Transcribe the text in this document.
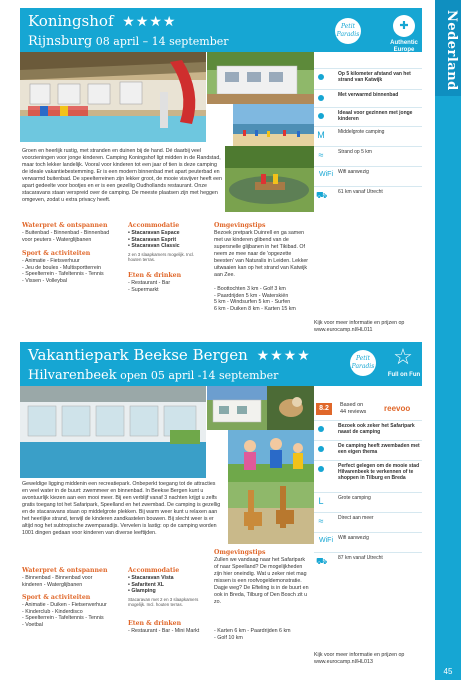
Nederland
45
Koningshof ★★★★
Rijnsburg 08 april – 14 september
Petit Paradis
✚
Authentic Europe
Op 5 kilometer afstand van het strand van Katwijk
Met verwarmd binnenbad
Ideaal voor gezinnen met jonge kinderen
M	Middelgrote camping
≈	Strand op 5 km
WiFi	Wifi aanwezig
⛟ 61 km vanaf Utrecht
Groen en heerlijk rustig, met stranden en duinen bij de hand. Dé daarbij veel voorzieningen voor jonge kinderen. Camping Koningshof ligt midden in de Randstad, maar toch lekker landelijk. Vooral voor kinderen tot een jaar of tien is deze camping de ideale vakantiebestemming. Er is een modern binnenbad met apart peuterbad en verwarmd buitenbad. De speelterreinen zijn lekker groot, de mooie visvijver heeft een apart gedeelte voor bootjes en er is een gezellig Oudhollands restaurant. Onze stacaravans staan verspreid over de camping. De meeste plaatsen zijn met heggen omgeven, zodat u extra privacy heeft.
Waterpret & ontspannen
- Buitenbad - Binnenbad - Binnenbad voor peuters - Waterglijbanen
Sport & activiteiten
- Animatie - Fietsverhuur
- Jeu de boules - Multisportterrein
- Speelterrein - Tafeltennis - Tennis
- Vissen - Volleybal
Accommodatie
• Stacaravan Espace
• Stacaravan Esprit
• Stacaravan Classic
2 en 3 slaapkamers mogelijk. Incl. houten terras.
Eten & drinken
- Restaurant - Bar
- Supermarkt
Omgevingstips
Bezoek pretpark Duinrell en ga samen met uw kinderen glibend van de supersnelle glijbanen in het Tikibad. Of neem ze mee naar de 'opgezette beesten' van Naturalis in Leiden. Lekker uitwaaien kan op het strand van Katwijk aan Zee.
- Boottochten 3 km - Golf 3 km
- Paardrijden 5 km - Waterskiën
5 km - Windsurfen 5 km - Surfen
6 km - Duiken 8 km - Karten 15 km
Kijk voor meer informatie en prijzen op
www.eurocamp.nl/HL011
Vakantiepark Beekse Bergen ★★★★
Hilvarenbeek open 05 april -14 september
Petit Paradis ☆
Full on Fun
8.2	Based on
44 reviews reevoo
Bezoek ook zeker het Safaripark naast de camping
De camping heeft zwembaden met een eigen thema
Perfect gelegen om de mooie stad Hilvarenbeek te verkennen of te shoppen in Tilburg en Breda
L	Grote camping
≈	Direct aan meer
WiFi	Wifi aanwezig
⛟ 87 km vanaf Utrecht
Geweldige ligging middenin een recreatiepark. Onbeperkt toegang tot de attracties en veel water in de buurt: zwemmeer en binnenbad. In Beekse Bergen kunt u avontuurlijk kiezen aan een mooi meer. Bij een verblijf vanaf 3 nachten krijgt u zelfs gratis toegang tot het Safaripark, Speelland en het zwembad. De camping is gezellig en de stacaravans staan op middelgrote plekken. Bij warm weer kunt u relaxen aan het heerlijke strand, terwijl de kinderen zandkastelen bouwen. Bij slecht weer is er altijd nog het subtropische zwemparadijs. Vervelen is lastig: op de camping worden 1001 dingen gedaan voor kinderen van diverse leeftijden.
Waterpret & ontspannen
- Binnenbad - Binnenbad voor
kinderen - Waterglijbanen
Sport & activiteiten
- Animatie - Duiken - Fietsenverhuur
- Kinderclub - Kinderdisco
- Speelterrein - Tafeltennis - Tennis
- Voetbal
Accommodatie
• Stacaravan Vista
• Safaritent XL
• Glamping
Stacaravan met 2 en 3 slaapkamers mogelijk. Incl. houten terras.
Eten & drinken
- Restaurant - Bar - Mini Markt
Omgevingstips
Zullen we vandaag naar het Safaripark of naar Speelland? De mogelijkheden zijn hier oneindig. Wat u zeker niet mag missen is een roofvogeldemonstratie. Dagje weg? De Efteling is in de buurt en ook in Breda, Tilburg of Den Bosch zit u zo.
- Karten 6 km - Paardrijden 6 km
- Golf 10 km
Kijk voor meer informatie en prijzen op
www.eurocamp.nl/HL013
